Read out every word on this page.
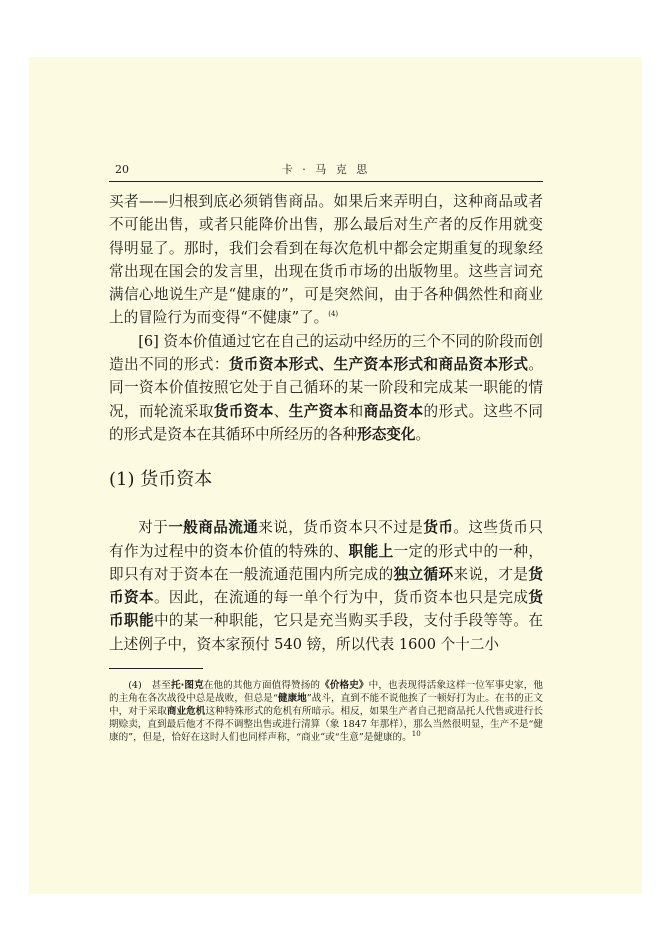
20	卡 · 马 克 思

买者——归根到底必须销售商品。如果后来弄明白，这种商品或者不可能出售，或者只能降价出售，那么最后对生产者的反作用就变得明显了。那时，我们会看到在每次危机中都会定期重复的现象经常出现在国会的发言里，出现在货币市场的出版物里。这些言词充满信心地说生产是“健康的”，可是突然间，由于各种偶然性和商业上的冒险行为而变得“不健康”了。$^{(4)}$

[6] 资本价值通过它在自己的运动中经历的三个不同的阶段而创造出不同的形式：货币资本形式、生产资本形式和商品资本形式。同一资本价值按照它处于自己循环的某一阶段和完成某一职能的情况，而轮流采取货币资本、生产资本和商品资本的形式。这些不同的形式是资本在其循环中所经历的各种形态变化。

(1) 货币资本

对于一般商品流通来说，货币资本只不过是货币。这些货币只有作为过程中的资本价值的特殊的、职能上一定的形式中的一种，即只有对于资本在一般流通范围内所完成的独立循环来说，才是货币资本。因此，在流通的每一单个行为中，货币资本也只是完成货币职能中的某一种职能，它只是充当购买手段，支付手段等等。在上述例子中，资本家预付 540 镑，所以代表 1600 个十二小

(4)　甚至托·图克在他的其他方面值得赞扬的《价格史》中，也表现得活象这样一位军事史家，他的主角在各次战役中总是战败，但总是“健康地”战斗，直到不能不说他挨了一顿好打为止。在书的正文中，对于采取商业危机这种特殊形式的危机有所暗示。相反，如果生产者自己把商品托人代售或进行长期赊卖，直到最后他才不得不调整出售或进行清算（象 1847 年那样），那么当然很明显，生产不是“健康的”，但是，恰好在这时人们也同样声称，“商业”或“生意”是健康的。$^{10}$
